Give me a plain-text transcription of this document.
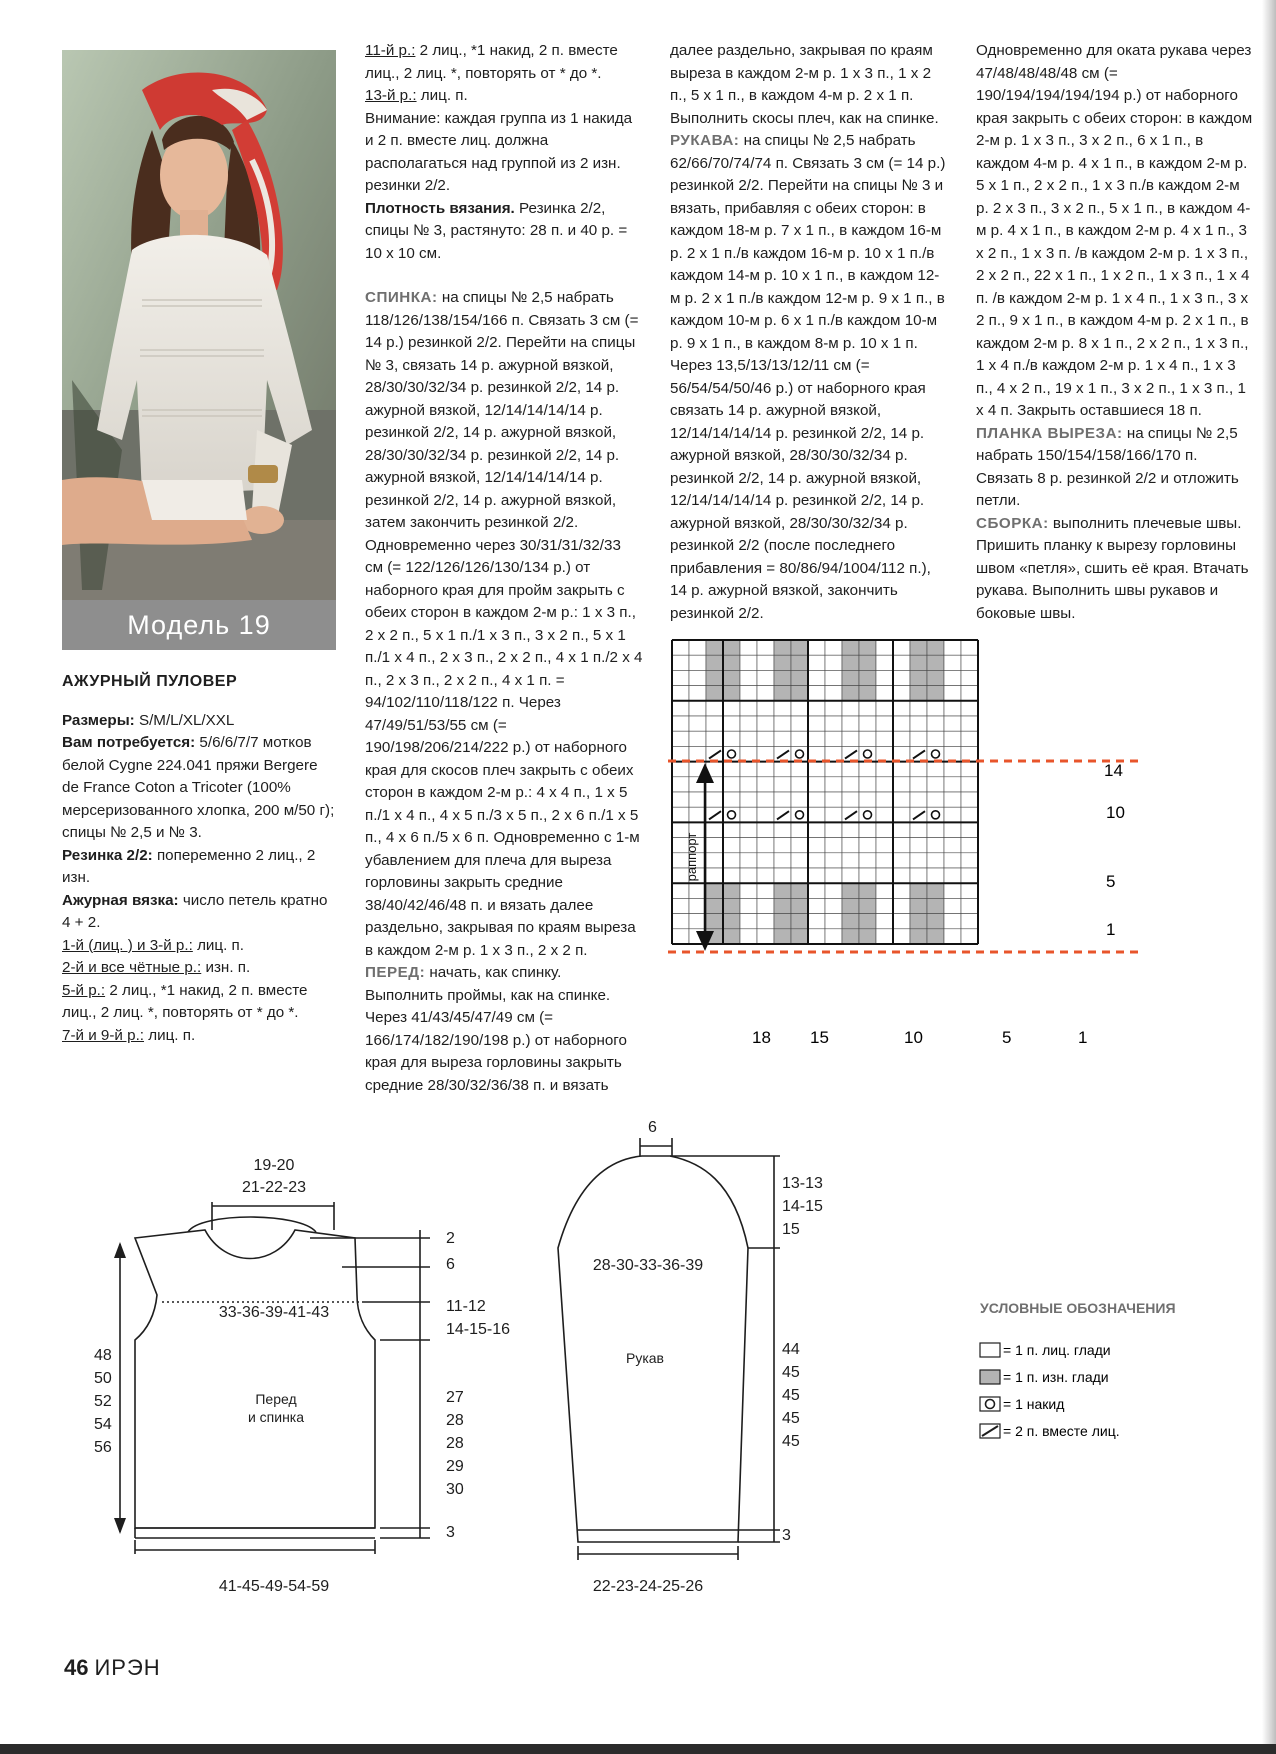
Модель 19

АЖУРНЫЙ ПУЛОВЕР

Размеры: S/M/L/XL/XXL

Вам потребуется: 5/6/6/7/7 мотков белой Cygne 224.041 пряжи Bergere de France Coton a Tricoter (100% мерсеризованного хлопка, 200 м/50 г); спицы № 2,5 и № 3.

Резинка 2/2: попеременно 2 лиц., 2 изн.

Ажурная вязка: число петель кратно 4 + 2.

1-й (лиц. ) и 3-й р.: лиц. п.

2-й и все чётные р.: изн. п.

5-й р.: 2 лиц., *1 накид, 2 п. вместе лиц., 2 лиц. *, повторять от * до *.

7-й и 9-й р.: лиц. п.

11-й р.: 2 лиц., *1 накид, 2 п. вместе лиц., 2 лиц. *, повторять от * до *.

13-й р.: лиц. п.

Внимание: каждая группа из 1 накида и 2 п. вместе лиц. должна располагаться над группой из 2 изн. резинки 2/2.

Плотность вязания. Резинка 2/2, спицы № 3, растянуто: 28 п. и 40 р. = 10 х 10 см.

СПИНКА: на спицы № 2,5 набрать 118/126/138/154/166 п. Связать 3 см (= 14 р.) резинкой 2/2. Перейти на спицы № 3, связать 14 р. ажурной вязкой, 28/30/30/32/34 р. резинкой 2/2, 14 р. ажурной вязкой, 12/14/14/14/14 р. резинкой 2/2, 14 р. ажурной вязкой, 28/30/30/32/34 р. резинкой 2/2, 14 р. ажурной вязкой, 12/14/14/14/14 р. резинкой 2/2, 14 р. ажурной вязкой, затем закончить резинкой 2/2. Одновременно через 30/31/31/32/33 см (= 122/126/126/130/134 р.) от наборного края для пройм закрыть с обеих сторон в каждом 2-м р.: 1 х 3 п., 2 х 2 п., 5 х 1 п./1 х 3 п., 3 х 2 п., 5 х 1 п./1 х 4 п., 2 х 3 п., 2 х 2 п., 4 х 1 п./2 х 4 п., 2 х 3 п., 2 х 2 п., 4 х 1 п. = 94/102/110/118/122 п. Через 47/49/51/53/55 см (= 190/198/206/214/222 р.) от наборного края для скосов плеч закрыть с обеих сторон в каждом 2-м р.: 4 х 4 п., 1 х 5 п./1 х 4 п., 4 х 5 п./3 х 5 п., 2 х 6 п./1 х 5 п., 4 х 6 п./5 х 6 п. Одновременно с 1-м убавлением для плеча для выреза горловины закрыть средние 38/40/42/46/48 п. и вязать далее раздельно, закрывая по краям выреза в каждом 2-м р. 1 х 3 п., 2 х 2 п.

ПЕРЕД: начать, как спинку. Выполнить проймы, как на спинке. Через 41/43/45/47/49 см (= 166/174/182/190/198 р.) от наборного края для выреза горловины закрыть средние 28/30/32/36/38 п. и вязать

далее раздельно, закрывая по краям выреза в каждом 2-м р. 1 х 3 п., 1 х 2 п., 5 х 1 п., в каждом 4-м р. 2 х 1 п. Выполнить скосы плеч, как на спинке.

РУКАВА: на спицы № 2,5 набрать 62/66/70/74/74 п. Связать 3 см (= 14 р.) резинкой 2/2. Перейти на спицы № 3 и вязать, прибавляя с обеих сторон: в каждом 18-м р. 7 х 1 п., в каждом 16-м р. 2 х 1 п./в каждом 16-м р. 10 х 1 п./в каждом 14-м р. 10 х 1 п., в каждом 12-м р. 2 х 1 п./в каждом 12-м р. 9 х 1 п., в каждом 10-м р. 6 х 1 п./в каждом 10-м р. 9 х 1 п., в каждом 8-м р. 10 х 1 п. Через 13,5/13/13/12/11 см (= 56/54/54/50/46 р.) от наборного края связать 14 р. ажурной вязкой, 12/14/14/14/14 р. резинкой 2/2, 14 р. ажурной вязкой, 28/30/30/32/34 р. резинкой 2/2, 14 р. ажурной вязкой, 12/14/14/14/14 р. резинкой 2/2, 14 р. ажурной вязкой, 28/30/30/32/34 р. резинкой 2/2 (после последнего прибавления = 80/86/94/1004/112 п.), 14 р. ажурной вязкой, закончить резинкой 2/2.

Одновременно для оката рукава через 47/48/48/48/48 см (= 190/194/194/194/194 р.) от наборного края закрыть с обеих сторон: в каждом 2-м р. 1 х 3 п., 3 х 2 п., 6 х 1 п., в каждом 4-м р. 4 х 1 п., в каждом 2-м р. 5 х 1 п., 2 х 2 п., 1 х 3 п./в каждом 2-м р. 2 х 3 п., 3 х 2 п., 5 х 1 п., в каждом 4-м р. 4 х 1 п., в каждом 2-м р. 4 х 1 п., 3 х 2 п., 1 х 3 п. /в каждом 2-м р. 1 х 3 п., 2 х 2 п., 22 х 1 п., 1 х 2 п., 1 х 3 п., 1 х 4 п. /в каждом 2-м р. 1 х 4 п., 1 х 3 п., 3 х 2 п., 9 х 1 п., в каждом 4-м р. 2 х 1 п., в каждом 2-м р. 8 х 1 п., 2 х 2 п., 1 х 3 п., 1 х 4 п./в каждом 2-м р. 1 х 4 п., 1 х 3 п., 4 х 2 п., 19 х 1 п., 3 х 2 п., 1 х 3 п., 1 х 4 п. Закрыть оставшиеся 18 п.

ПЛАНКА ВЫРЕЗА: на спицы № 2,5 набрать 150/154/158/166/170 п. Связать 8 р. резинкой 2/2 и отложить петли.

СБОРКА: выполнить плечевые швы. Пришить планку к вырезу горловины швом «петля», сшить её края. Втачать рукава. Выполнить швы рукавов и боковые швы.

раппорт
14
10
5
1
18 15	10	5	1
19-20
21-22-23
33-36-39-41-43
41-45-49-54-59
2
6
11-12
14-15-16
27
28
28
29
30
3
48
50
52
54
56
Перед
и спинка
6
13-13
14-15
15
28-30-33-36-39
44
45
45
45
45
3
22-23-24-25-26
Рукав
УСЛОВНЫЕ ОБОЗНАЧЕНИЯ
= 1 п. лиц. глади
= 1 п. изн. глади
= 1 накид
= 2 п. вместе лиц.
46 ИРЭН
